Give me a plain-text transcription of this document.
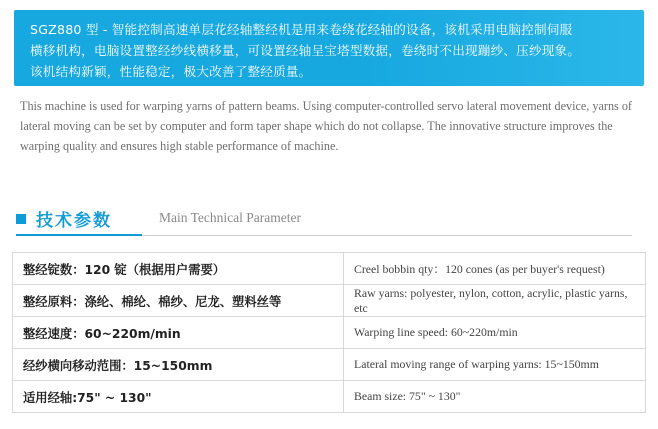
SGZ880 型 - 智能控制高速单层花经轴整经机是用来卷绕花经轴的设备，该机采用电脑控制伺服

横移机构，电脑设置整经纱线横移量，可设置经轴呈宝塔型数据，卷绕时不出现蹦纱、压纱现象。

该机结构新颖，性能稳定，极大改善了整经质量。

This machine is used for warping yarns of pattern beams. Using computer-controlled servo lateral movement device, yarns of lateral moving can be set by computer and form taper shape which do not collapse. The innovative structure improves the warping quality and ensures high stable performance of machine.
技术参数	Main Technical Parameter
整经锭数：120 锭（根据用户需要）	Creel bobbin qty：120 cones (as per buyer's request)
整经原料：涤纶、棉纶、棉纱、尼龙、塑料丝等	Raw yarns: polyester, nylon, cotton, acrylic, plastic yarns, etc
整经速度：60~220m/min	Warping line speed: 60~220m/min
经纱横向移动范围：15~150mm	Lateral moving range of warping yarns: 15~150mm
适用经轴:75" ~ 130"	Beam size: 75" ~ 130"
